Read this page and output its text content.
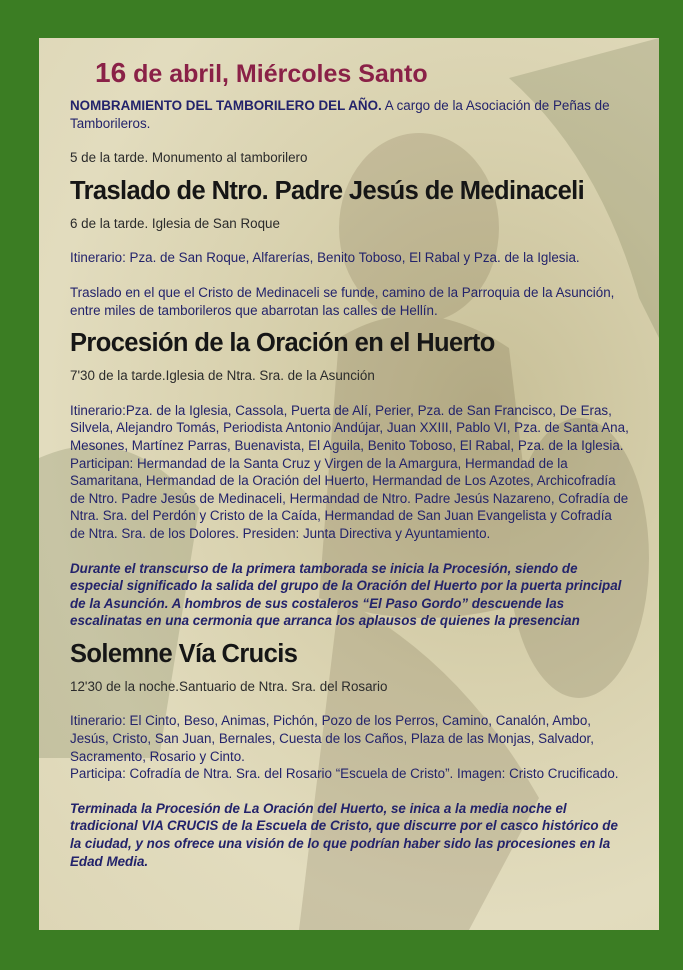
16 de abril, Miércoles Santo

NOMBRAMIENTO DEL TAMBORILERO DEL AÑO. A cargo de la Asociación de Peñas de Tamborileros.

5 de la tarde. Monumento al tamborilero

Traslado de Ntro. Padre Jesús de Medinaceli

6 de la tarde. Iglesia de San Roque

Itinerario: Pza. de San Roque, Alfarerías, Benito Toboso, El Rabal y Pza. de la Iglesia.

Traslado en el que el Cristo de Medinaceli se funde, camino de la Parroquia de la Asunción, entre miles de tamborileros que abarrotan las calles de Hellín.

Procesión de la Oración en el Huerto

7'30 de la tarde.Iglesia de Ntra. Sra. de la Asunción

Itinerario:Pza. de la Iglesia, Cassola, Puerta de Alí, Perier, Pza. de San Francisco, De Eras, Silvela, Alejandro Tomás, Periodista Antonio Andújar, Juan XXIII, Pablo VI, Pza. de Santa Ana, Mesones, Martínez Parras, Buenavista, El Aguila, Benito Toboso, El Rabal, Pza. de la Iglesia.

Participan: Hermandad de la Santa Cruz y Virgen de la Amargura, Hermandad de la Samaritana, Hermandad de la Oración del Huerto, Hermandad de Los Azotes, Archicofradía de Ntro. Padre Jesús de Medinaceli, Hermandad de Ntro. Padre Jesús Nazareno, Cofradía de Ntra. Sra. del Perdón y Cristo de la Caída, Hermandad de San Juan Evangelista y Cofradía de Ntra. Sra. de los Dolores. Presiden: Junta Directiva y Ayuntamiento.

Durante el transcurso de la primera tamborada se inicia la Procesión, siendo de especial significado la salida del grupo de la Oración del Huerto por la puerta principal de la Asunción. A hombros de sus costaleros “El Paso Gordo” descuende las escalinatas en una cermonia que arranca los aplausos de quienes la presencian

Solemne Vía Crucis

12'30 de la noche.Santuario de Ntra. Sra. del Rosario

Itinerario: El Cinto, Beso, Animas, Pichón, Pozo de los Perros, Camino, Canalón, Ambo, Jesús, Cristo, San Juan, Bernales, Cuesta de los Caños, Plaza de las Monjas, Salvador, Sacramento, Rosario y Cinto.

Participa: Cofradía de Ntra. Sra. del Rosario “Escuela de Cristo”. Imagen: Cristo Crucificado.

Terminada la Procesión de La Oración del Huerto, se inica a la media noche el tradicional VIA CRUCIS de la Escuela de Cristo, que discurre por el casco histórico de la ciudad, y nos ofrece una visión de lo que podrían haber sido las procesiones en la Edad Media.
